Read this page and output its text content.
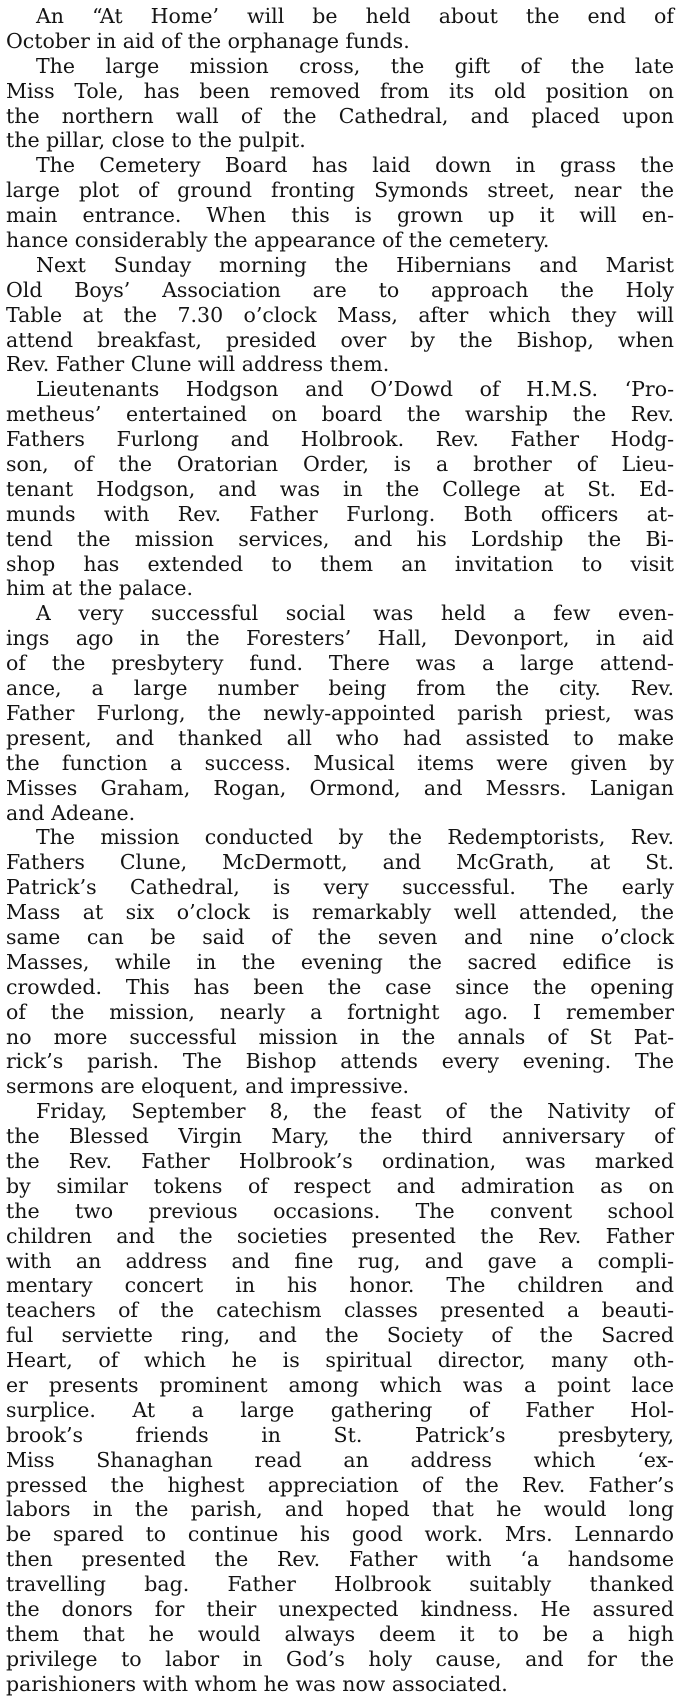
An “At Home’ will be held about the end of
October in aid of the orphanage funds.
The large mission cross, the gift of the late
Miss Tole, has been removed from its old position on
the northern wall of the Cathedral, and placed upon
the pillar, close to the pulpit.
The Cemetery Board has laid down in grass the
large plot of ground fronting Symonds street, near the
main entrance. When this is grown up it will en-
hance considerably the appearance of the cemetery.
Next Sunday morning the Hibernians and Marist
Old Boys’ Association are to approach the Holy
Table at the 7.30 o’clock Mass, after which they will
attend breakfast, presided over by the Bishop, when
Rev. Father Clune will address them.
Lieutenants Hodgson and O’Dowd of H.M.S. ‘Pro-
metheus’ entertained on board the warship the Rev.
Fathers Furlong and Holbrook. Rev. Father Hodg-
son, of the Oratorian Order, is a brother of Lieu-
tenant Hodgson, and was in the College at St. Ed-
munds with Rev. Father Furlong. Both officers at-
tend the mission services, and his Lordship the Bi-
shop has extended to them an invitation to visit
him at the palace.
A very successful social was held a few even-
ings ago in the Foresters’ Hall, Devonport, in aid
of the presbytery fund. There was a large attend-
ance, a large number being from the city. Rev.
Father Furlong, the newly-appointed parish priest, was
present, and thanked all who had assisted to make
the function a success. Musical items were given by
Misses Graham, Rogan, Ormond, and Messrs. Lanigan
and Adeane.
The mission conducted by the Redemptorists, Rev.
Fathers Clune, McDermott, and McGrath, at St.
Patrick’s Cathedral, is very successful. The early
Mass at six o’clock is remarkably well attended, the
same can be said of the seven and nine o’clock
Masses, while in the evening the sacred edifice is
crowded. This has been the case since the opening
of the mission, nearly a fortnight ago. I remember
no more successful mission in the annals of St Pat-
rick’s parish. The Bishop attends every evening. The
sermons are eloquent, and impressive.
Friday, September 8, the feast of the Nativity of
the Blessed Virgin Mary, the third anniversary of
the Rev. Father Holbrook’s ordination, was marked
by similar tokens of respect and admiration as on
the two previous occasions. The convent school
children and the societies presented the Rev. Father
with an address and fine rug, and gave a compli-
mentary concert in his honor. The children and
teachers of the catechism classes presented a beauti-
ful serviette ring, and the Society of the Sacred
Heart, of which he is spiritual director, many oth-
er presents prominent among which was a point lace
surplice. At a large gathering of Father Hol-
brook’s friends in St. Patrick’s presbytery,
Miss Shanaghan read an address which ‘ex-
pressed the highest appreciation of the Rev. Father’s
labors in the parish, and hoped that he would long
be spared to continue his good work. Mrs. Lennardo
then presented the Rev. Father with ‘a handsome
travelling bag. Father Holbrook suitably thanked
the donors for their unexpected kindness. He assured
them that he would always deem it to be a high
privilege to labor in God’s holy cause, and for the
parishioners with whom he was now associated.
